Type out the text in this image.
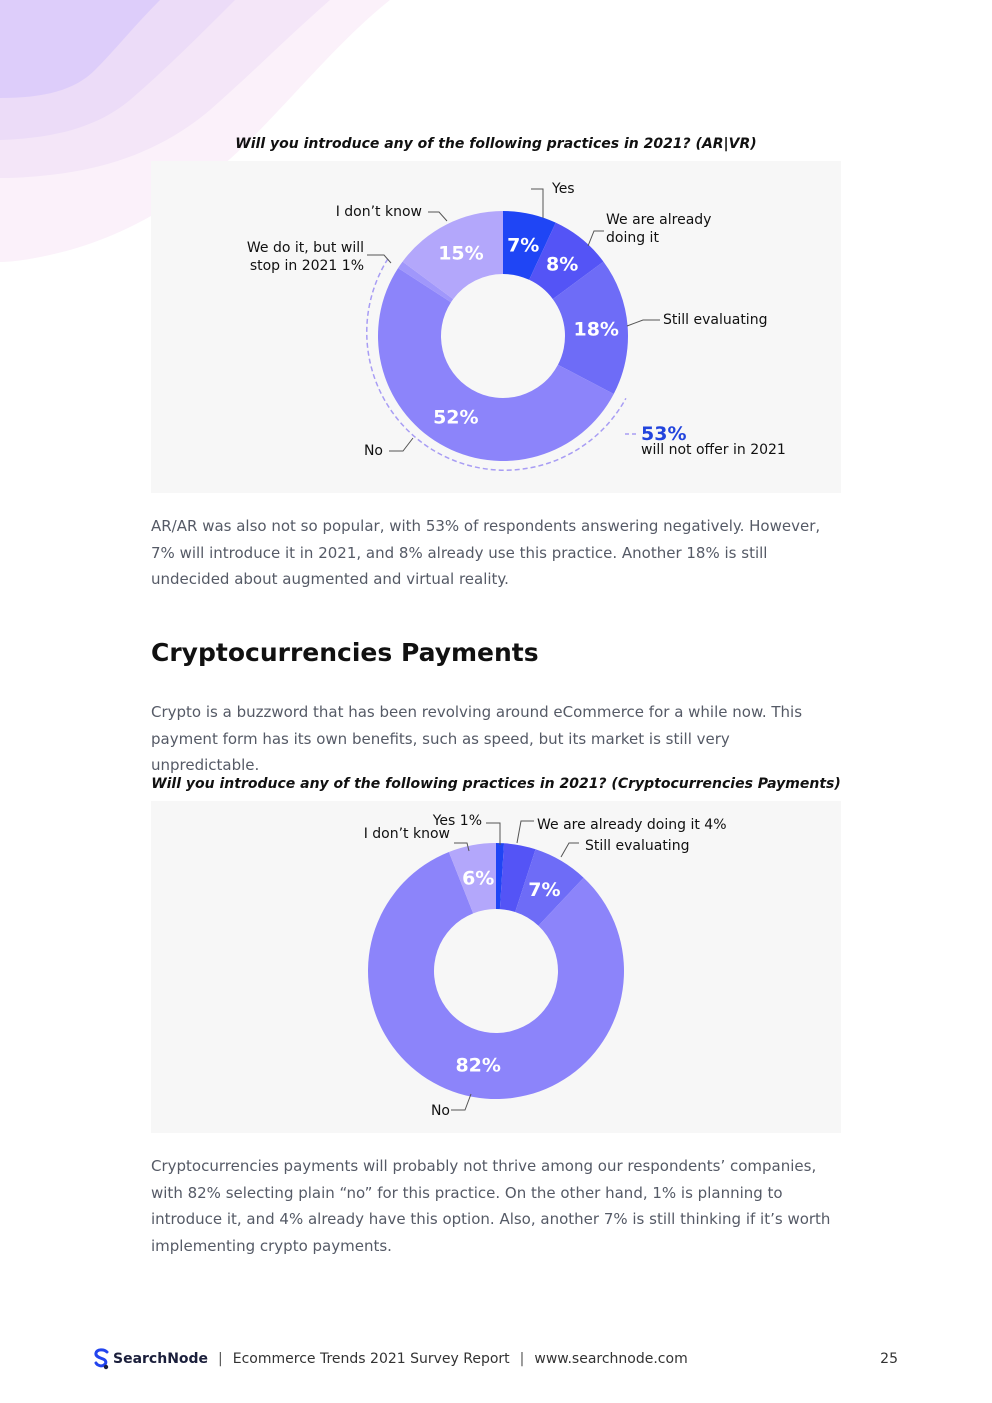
Will you introduce any of the following practices in 2021? (AR|VR)
7%
8%
18%
52%
15%
Yes
We are already
doing it
Still evaluating
No
We do it, but will
stop in 2021 1%
I don’t know
53%
will not offer in 2021

AR/AR was also not so popular, with 53% of respondents answering negatively. However, 7% will introduce it in 2021, and 8% already use this practice. Another 18% is still undecided about augmented and virtual reality.

Cryptocurrencies Payments

Crypto is a buzzword that has been revolving around eCommerce for a while now. This payment form has its own benefits, such as speed, but its market is still very unpredictable.

Will you introduce any of the following practices in 2021? (Cryptocurrencies Payments)
7%
82%
6%
Yes 1%	We are already doing it 4%
Still evaluating
I don’t know
No

Cryptocurrencies payments will probably not thrive among our respondents’ companies, with 82% selecting plain “no” for this practice. On the other hand, 1% is planning to introduce it, and 4% already have this option. Also, another 7% is still thinking if it’s worth implementing crypto payments.

SearchNode | Ecommerce Trends 2021 Survey Report | www.searchnode.com	25
